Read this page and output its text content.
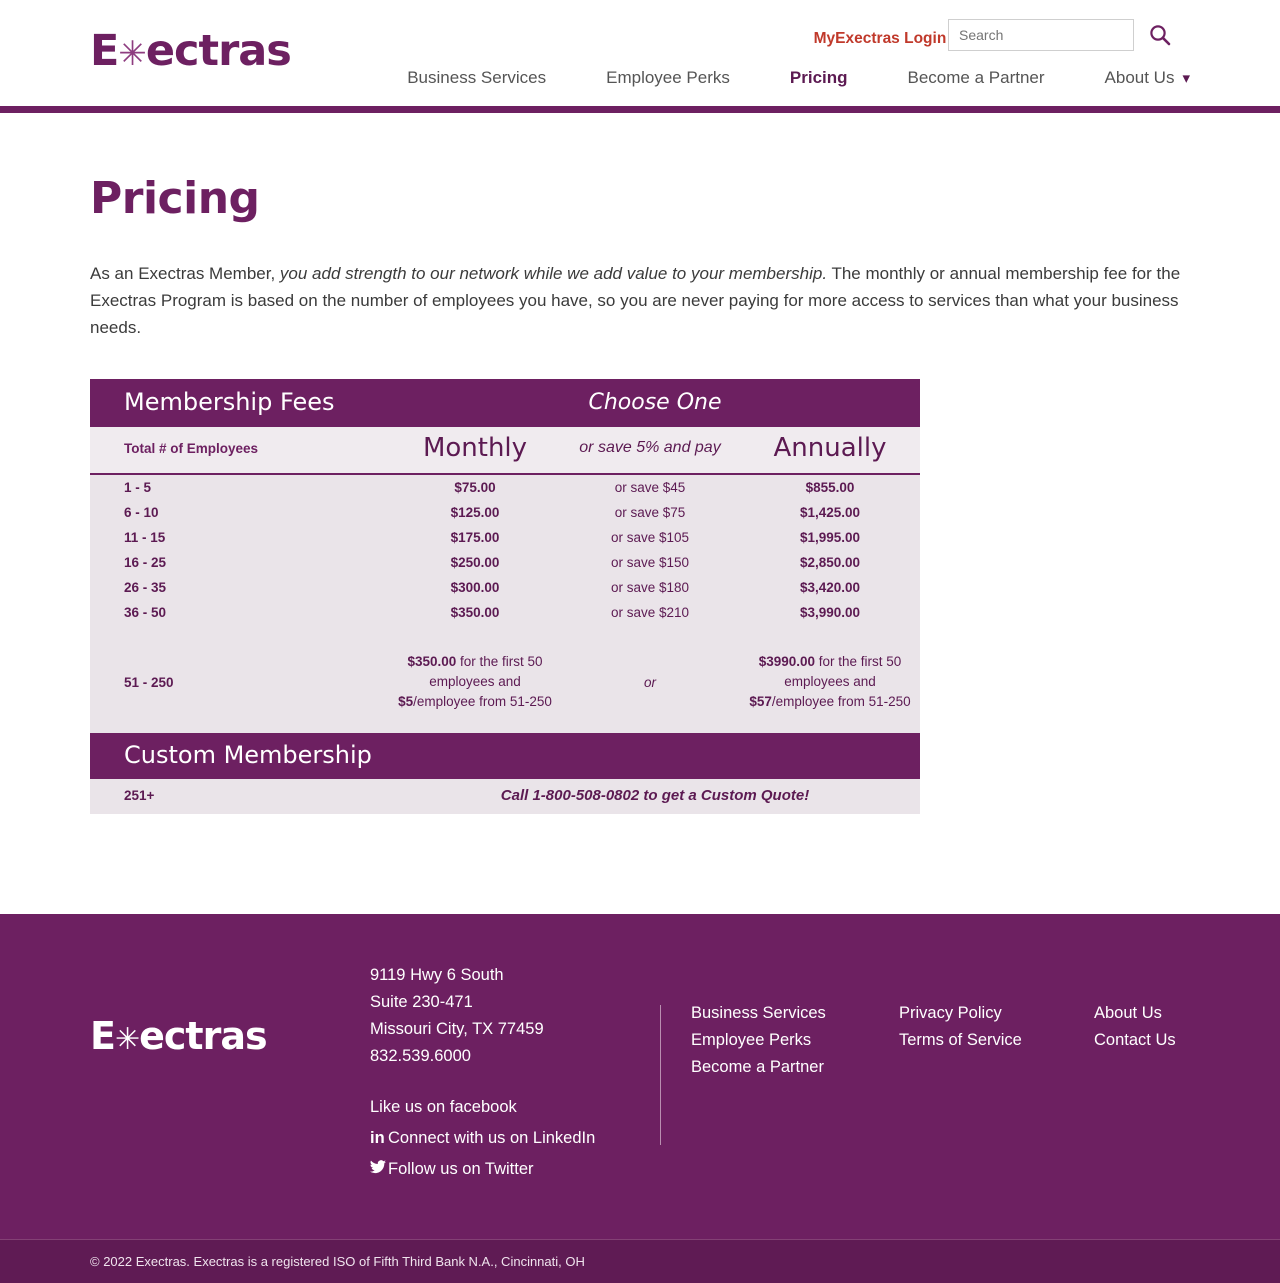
E✳ectras	MyExectras Login
Search
Business Services	Employee Perks	Pricing	Become a Partner	About Us ▾
Pricing

As an Exectras Member, you add strength to our network while we add value to your membership. The monthly or annual membership fee for the Exectras Program is based on the number of employees you have, so you are never paying for more access to services than what your business needs.

Membership Fees	Choose One		
Total # of Employees	Monthly	or save 5% and pay	Annually
1 - 5	$75.00	or save $45	$855.00
6 - 10	$125.00	or save $75	$1,425.00
11 - 15	$175.00	or save $105	$1,995.00
16 - 25	$250.00	or save $150	$2,850.00
26 - 35	$300.00	or save $180	$3,420.00
36 - 50	$350.00	or save $210	$3,990.00

51 - 250	$350.00 for the first 50 employees and $5/employee from 51-250	or	$3990.00 for the first 50 employees and $57/employee from 51-250

Custom Membership			
251+	Call 1-800-508-0802 to get a Custom Quote!		
E✳ectras
9119 Hwy 6 South
Suite 230-471
Missouri City, TX 77459
832.539.6000
Like us on facebook
in Connect with us on LinkedIn
Follow us on Twitter
Business Services
Employee Perks
Become a Partner
Privacy Policy
Terms of Service
About Us
Contact Us
© 2022 Exectras. Exectras is a registered ISO of Fifth Third Bank N.A., Cincinnati, OH
